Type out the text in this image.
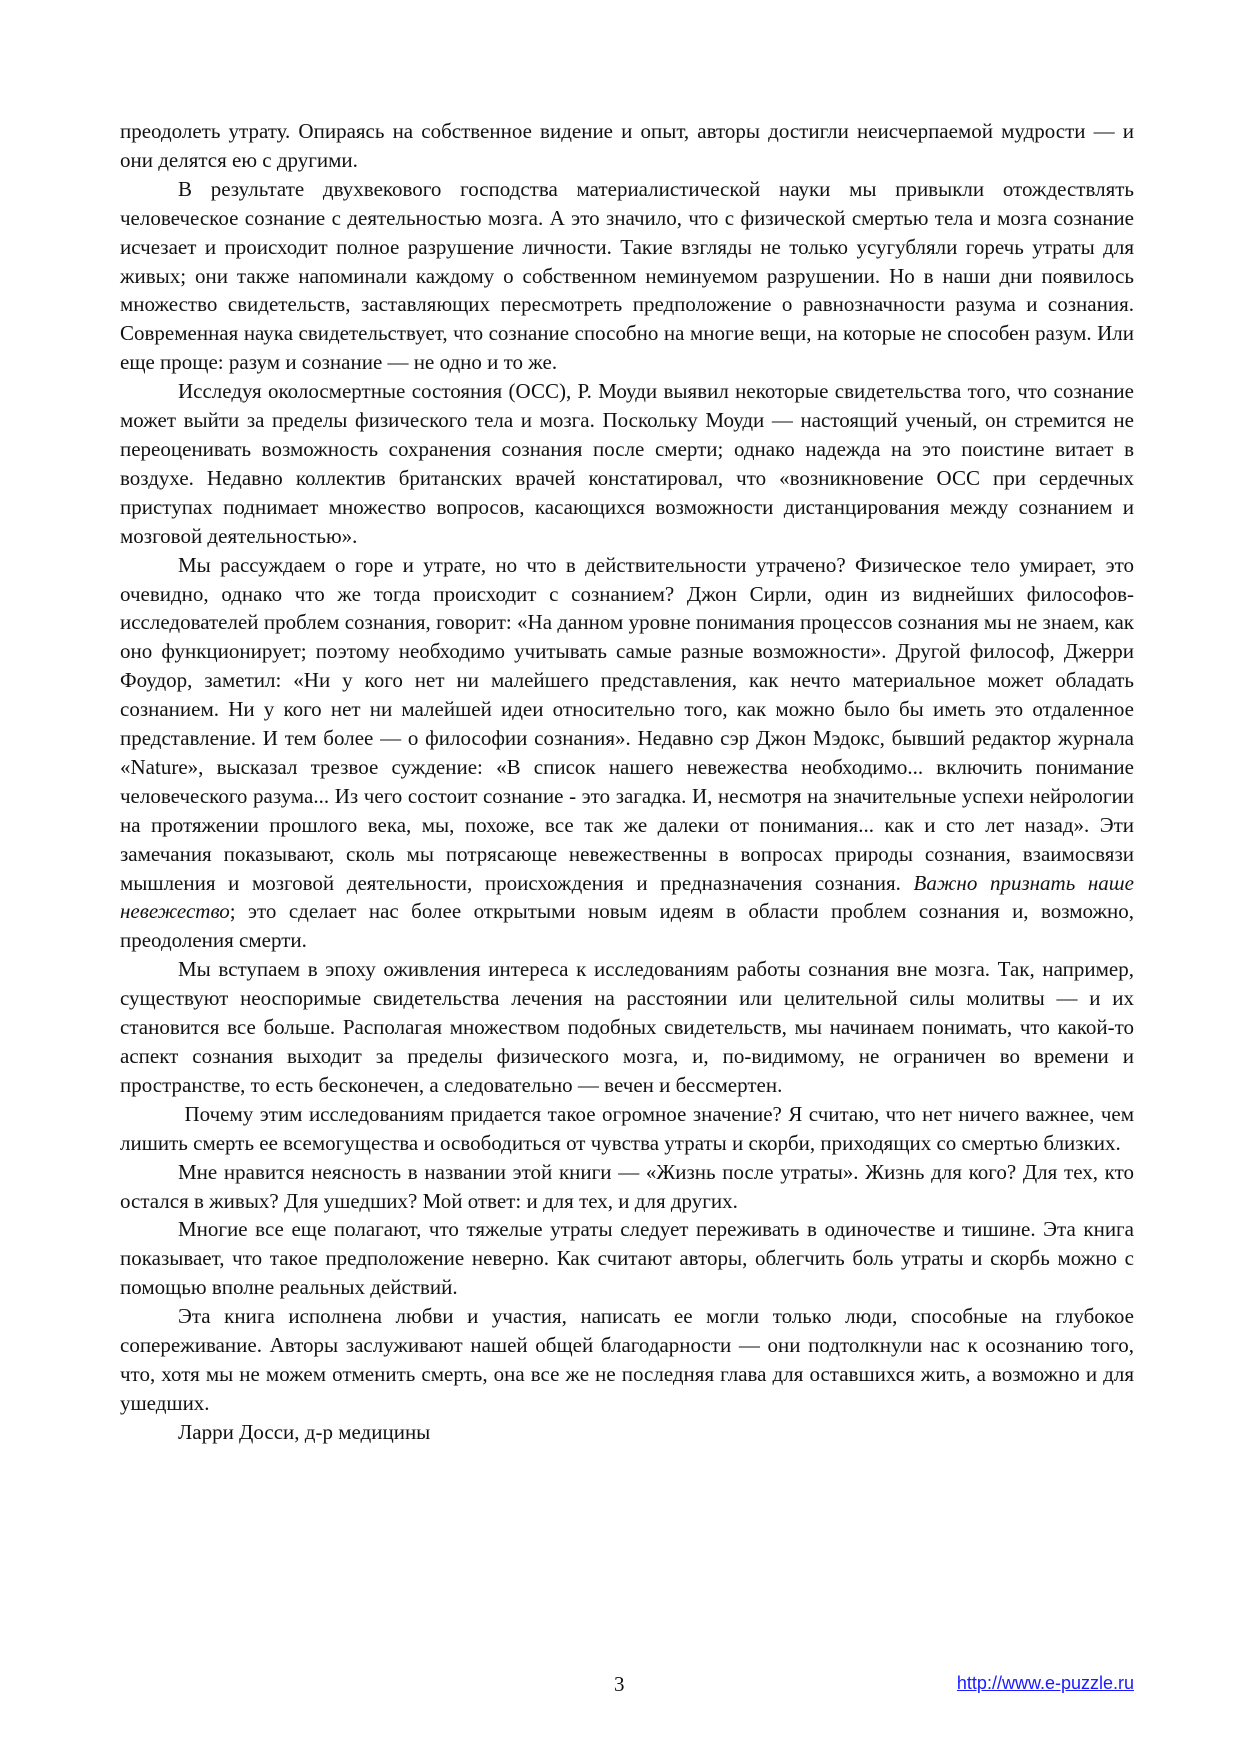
преодолеть утрату. Опираясь на собственное видение и опыт, авторы достигли неисчерпаемой мудрости — и они делятся ею с другими.

В результате двухвекового господства материалистической науки мы привыкли отождествлять человеческое сознание с деятельностью мозга. А это значило, что с физической смертью тела и мозга сознание исчезает и происходит полное разрушение личности. Такие взгляды не только усугубляли горечь утраты для живых; они также напоминали каждому о собственном неминуемом разрушении. Но в наши дни появилось множество свидетельств, заставляющих пересмотреть предположение о равнозначности разума и сознания. Современная наука свидетельствует, что сознание способно на многие вещи, на которые не способен разум. Или еще проще: разум и сознание — не одно и то же.

Исследуя околосмертные состояния (ОСС), Р. Моуди выявил некоторые свидетельства того, что сознание может выйти за пределы физического тела и мозга. Поскольку Моуди — настоящий ученый, он стремится не переоценивать возможность сохранения сознания после смерти; однако надежда на это поистине витает в воздухе. Недавно коллектив британских врачей констатировал, что «возникновение ОСС при сердечных приступах поднимает множество вопросов, касающихся возможности дистанцирования между сознанием и мозговой деятельностью».

Мы рассуждаем о горе и утрате, но что в действительности утрачено? Физическое тело умирает, это очевидно, однако что же тогда происходит с сознанием? Джон Сирли, один из виднейших философов-исследователей проблем сознания, говорит: «На данном уровне понимания процессов сознания мы не знаем, как оно функционирует; поэтому необходимо учитывать самые разные возможности». Другой философ, Джерри Фоудор, заметил: «Ни у кого нет ни малейшего представления, как нечто материальное может обладать сознанием. Ни у кого нет ни малейшей идеи относительно того, как можно было бы иметь это отдаленное представление. И тем более — о философии сознания». Недавно сэр Джон Мэдокс, бывший редактор журнала «Nature», высказал трезвое суждение: «В список нашего невежества необходимо... включить понимание человеческого разума... Из чего состоит сознание - это загадка. И, несмотря на значительные успехи нейрологии на протяжении прошлого века, мы, похоже, все так же далеки от понимания... как и сто лет назад». Эти замечания показывают, сколь мы потрясающе невежественны в вопросах природы сознания, взаимосвязи мышления и мозговой деятельности, происхождения и предназначения сознания. Важно признать наше невежество; это сделает нас более открытыми новым идеям в области проблем сознания и, возможно, преодоления смерти.

Мы вступаем в эпоху оживления интереса к исследованиям работы сознания вне мозга. Так, например, существуют неоспоримые свидетельства лечения на расстоянии или целительной силы молитвы — и их становится все больше. Располагая множеством подобных свидетельств, мы начинаем понимать, что какой-то аспект сознания выходит за пределы физического мозга, и, по-видимому, не ограничен во времени и пространстве, то есть бесконечен, а следовательно — вечен и бессмертен.

Почему этим исследованиям придается такое огромное значение? Я считаю, что нет ничего важнее, чем лишить смерть ее всемогущества и освободиться от чувства утраты и скорби, приходящих со смертью близких.

Мне нравится неясность в названии этой книги — «Жизнь после утраты». Жизнь для кого? Для тех, кто остался в живых? Для ушедших? Мой ответ: и для тех, и для других.

Многие все еще полагают, что тяжелые утраты следует переживать в одиночестве и тишине. Эта книга показывает, что такое предположение неверно. Как считают авторы, облегчить боль утраты и скорбь можно с помощью вполне реальных действий.

Эта книга исполнена любви и участия, написать ее могли только люди, способные на глубокое сопереживание. Авторы заслуживают нашей общей благодарности — они подтолкнули нас к осознанию того, что, хотя мы не можем отменить смерть, она все же не последняя глава для оставшихся жить, а возможно и для ушедших.

Ларри Досси, д-р медицины

3	http://www.e-puzzle.ru
